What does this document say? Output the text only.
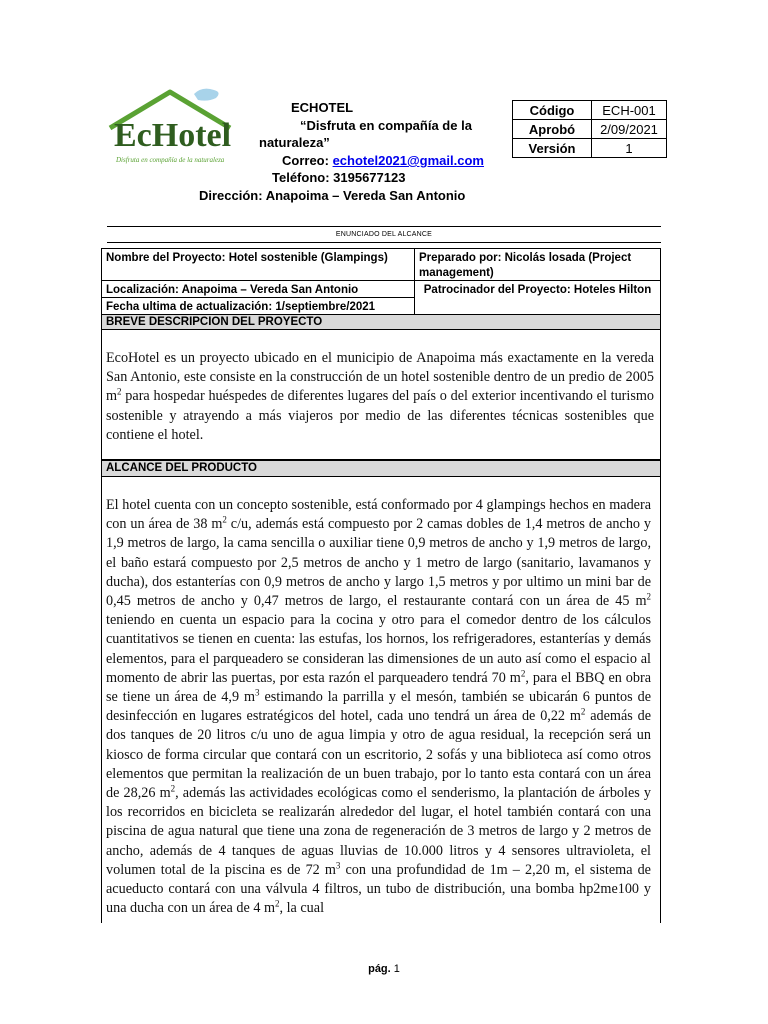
EcHotel
Disfruta en compañía de la naturaleza
ECHOTEL
“Disfruta en compañía de la
naturaleza”
Correo: echotel2021@gmail.com
Teléfono: 3195677123
Dirección: Anapoima – Vereda San Antonio
Código	ECH-001
Aprobó	2/09/2021
Versión	1
ENUNCIADO DEL ALCANCE
Nombre del Proyecto: Hotel sostenible (Glampings)	Preparado por: Nicolás losada (Project
management)
Localización: Anapoima – Vereda San Antonio	Patrocinador del Proyecto: Hoteles Hilton
Fecha ultima de actualización: 1/septiembre/2021
BREVE DESCRIPCION DEL PROYECTO
EcoHotel es un proyecto ubicado en el municipio de Anapoima más exactamente en la vereda San Antonio, este consiste en la construcción de un hotel sostenible dentro de un predio de 2005 $m^2$ para hospedar huéspedes de diferentes lugares del país o del exterior incentivando el turismo sostenible y atrayendo a más viajeros por medio de las diferentes técnicas sostenibles que contiene el hotel.
ALCANCE DEL PRODUCTO
El hotel cuenta con un concepto sostenible, está conformado por 4 glampings hechos en madera con un área de 38 $m^2$ c/u, además está compuesto por 2 camas dobles de 1,4 metros de ancho y 1,9 metros de largo, la cama sencilla o auxiliar tiene 0,9 metros de ancho y 1,9 metros de largo, el baño estará compuesto por 2,5 metros de ancho y 1 metro de largo (sanitario, lavamanos y ducha), dos estanterías con 0,9 metros de ancho y largo 1,5 metros y por ultimo un mini bar de 0,45 metros de ancho y 0,47 metros de largo, el restaurante contará con un área de 45 $m^2$ teniendo en cuenta un espacio para la cocina y otro para el comedor dentro de los cálculos cuantitativos se tienen en cuenta: las estufas, los hornos, los refrigeradores, estanterías y demás elementos, para el parqueadero se consideran las dimensiones de un auto así como el espacio al momento de abrir las puertas, por esta razón el parqueadero tendrá 70 $m^2$, para el BBQ en obra se tiene un área de 4,9 $m^3$ estimando la parrilla y el mesón, también se ubicarán 6 puntos de desinfección en lugares estratégicos del hotel, cada uno tendrá un área de 0,22 $m^2$ además de dos tanques de 20 litros c/u uno de agua limpia y otro de agua residual, la recepción será un kiosco de forma circular que contará con un escritorio, 2 sofás y una biblioteca así como otros elementos que permitan la realización de un buen trabajo, por lo tanto esta contará con un área de 28,26 $m^2$, además las actividades ecológicas como el senderismo, la plantación de árboles y los recorridos en bicicleta se realizarán alrededor del lugar, el hotel también contará con una piscina de agua natural que tiene una zona de regeneración de 3 metros de largo y 2 metros de ancho, además de 4 tanques de aguas lluvias de 10.000 litros y 4 sensores ultravioleta, el volumen total de la piscina es de 72 $m^3$ con una profundidad de 1m – 2,20 m, el sistema de acueducto contará con una válvula 4 filtros, un tubo de distribución, una bomba hp2me100 y una ducha con un área de 4 $m^2$, la cual
pág. 1
